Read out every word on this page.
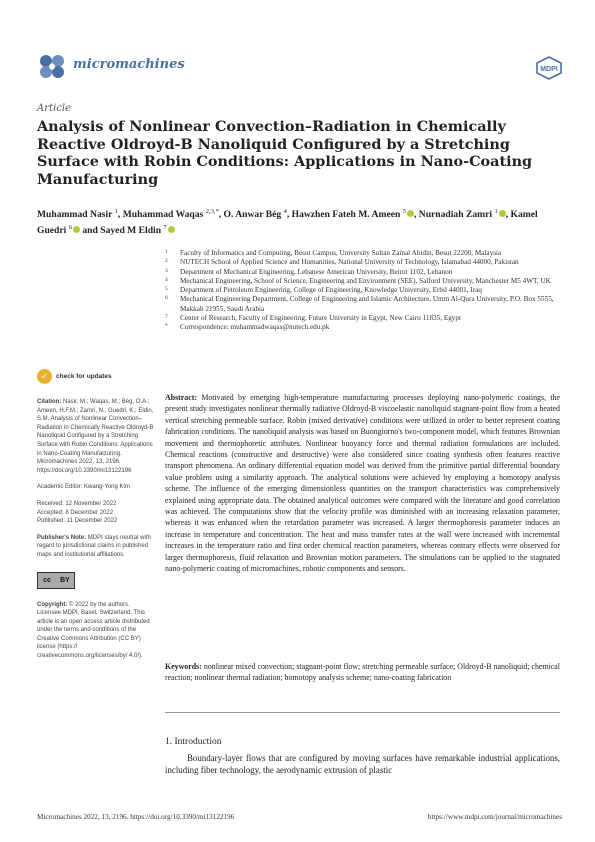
micromachines	MDPI
Article
Analysis of Nonlinear Convection–Radiation in Chemically Reactive Oldroyd-B Nanoliquid Configured by a Stretching Surface with Robin Conditions: Applications in Nano-Coating Manufacturing
Muhammad Nasir $^1$, Muhammad Waqas $^{2,3,*}$, O. Anwar Bég $^4$, Hawzhen Fateh M. Ameen $^5$ , Nurnadiah Zamri $^1$ , Kamel Guedri $^6$ and Sayed M Eldin $^7$
1 Faculty of Informatics and Computing, Besut Campus, University Sultan Zainal Abidin, Besut 22200, Malaysia
2 NUTECH School of Applied Science and Humanities, National University of Technology, Islamabad 44000, Pakistan
3 Department of Mechanical Engineering, Lebanese American University, Beirut 1102, Lebanon
4 Mechanical Engineering, School of Science, Engineering and Environment (SEE), Salford University, Manchester M5 4WT, UK
5 Department of Petroleum Engineering, College of Engineering, Knowledge University, Erbil 44001, Iraq
6 Mechanical Engineering Department, College of Engineering and Islamic Architecture, Umm Al-Qura University, P.O. Box 5555, Makkah 21955, Saudi Arabia
7 Center of Research, Faculty of Engineering, Future University in Egypt, New Cairo 11835, Egypt
* Correspondence: muhammadwaqas@nutech.edu.pk
✓	check for updates
Citation: Nasir, M.; Waqas, M.; Bég, O.A.; Ameen, H.F.M.; Zamri, N.; Guedri, K.; Eldin, S.M. Analysis of Nonlinear Convection–Radiation in Chemically Reactive Oldroyd-B Nanoliquid Configured by a Stretching Surface with Robin Conditions: Applications in Nano-Coating Manufacturing. Micromachines 2022, 13, 2196. https://doi.org/10.3390/mi13122196
Academic Editor: Kwang-Yong Kim
Received: 12 November 2022
Accepted: 8 December 2022
Published: 11 December 2022
Publisher's Note: MDPI stays neutral with regard to jurisdictional claims in published maps and institutional affiliations.
cc	BY
Copyright: © 2022 by the authors. Licensee MDPI, Basel, Switzerland. This article is an open access article distributed under the terms and conditions of the Creative Commons Attribution (CC BY) license (https:// creativecommons.org/licenses/by/ 4.0/).
Abstract: Motivated by emerging high-temperature manufacturing processes deploying nano-polymeric coatings, the present study investigates nonlinear thermally radiative Oldroyd-B viscoelastic nanoliquid stagnant-point flow from a heated vertical stretching permeable surface. Robin (mixed derivative) conditions were utilized in order to better represent coating fabrication conditions. The nanoliquid analysis was based on Buongiorno's two-component model, which features Brownian movement and thermophoretic attributes. Nonlinear buoyancy force and thermal radiation formulations are included. Chemical reactions (constructive and destructive) were also considered since coating synthesis often features reactive transport phenomena. An ordinary differential equation model was derived from the primitive partial differential boundary value problem using a similarity approach. The analytical solutions were achieved by employing a homotopy analysis scheme. The influence of the emerging dimensionless quantities on the transport characteristics was comprehensively explained using appropriate data. The obtained analytical outcomes were compared with the literature and good correlation was achieved. The computations show that the velocity profile was diminished with an increasing relaxation parameter, whereas it was enhanced when the retardation parameter was increased. A larger thermophoresis parameter induces an increase in temperature and concentration. The heat and mass transfer rates at the wall were increased with incremental increases in the temperature ratio and first order chemical reaction parameters, whereas contrary effects were observed for larger thermophoresis, fluid relaxation and Brownian motion parameters. The simulations can be applied to the stagnated nano-polymeric coating of micromachines, robotic components and sensors.
Keywords: nonlinear mixed convection; stagnant-point flow; stretching permeable surface; Oldroyd-B nanoliquid; chemical reaction; nonlinear thermal radiation; homotopy analysis scheme; nano-coating fabrication
1. Introduction

Boundary-layer flows that are configured by moving surfaces have remarkable industrial applications, including fiber technology, the aerodynamic extrusion of plastic

Micromachines 2022, 13, 2196. https://doi.org/10.3390/mi13122196	https://www.mdpi.com/journal/micromachines
